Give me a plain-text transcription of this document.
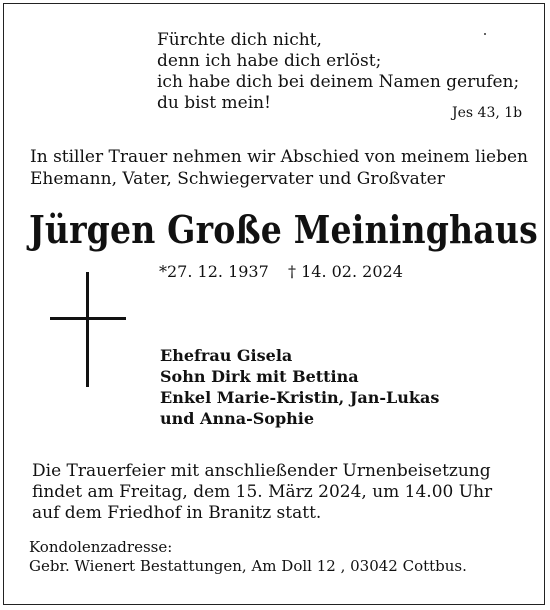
Fürchte dich nicht,
denn ich habe dich erlöst;
ich habe dich bei deinem Namen gerufen;
du bist mein!	Jes 43, 1b
In stiller Trauer nehmen wir Abschied von meinem lieben
Ehemann, Vater, Schwiegervater und Großvater
Jürgen Große Meininghaus
*27. 12. 1937 † 14. 02. 2024
Ehefrau Gisela
Sohn Dirk mit Bettina
Enkel Marie-Kristin, Jan-Lukas
und Anna-Sophie
Die Trauerfeier mit anschließender Urnenbeisetzung
findet am Freitag, dem 15. März 2024, um 14.00 Uhr
auf dem Friedhof in Branitz statt.
Kondolenzadresse:
Gebr. Wienert Bestattungen, Am Doll 12 , 03042 Cottbus.
